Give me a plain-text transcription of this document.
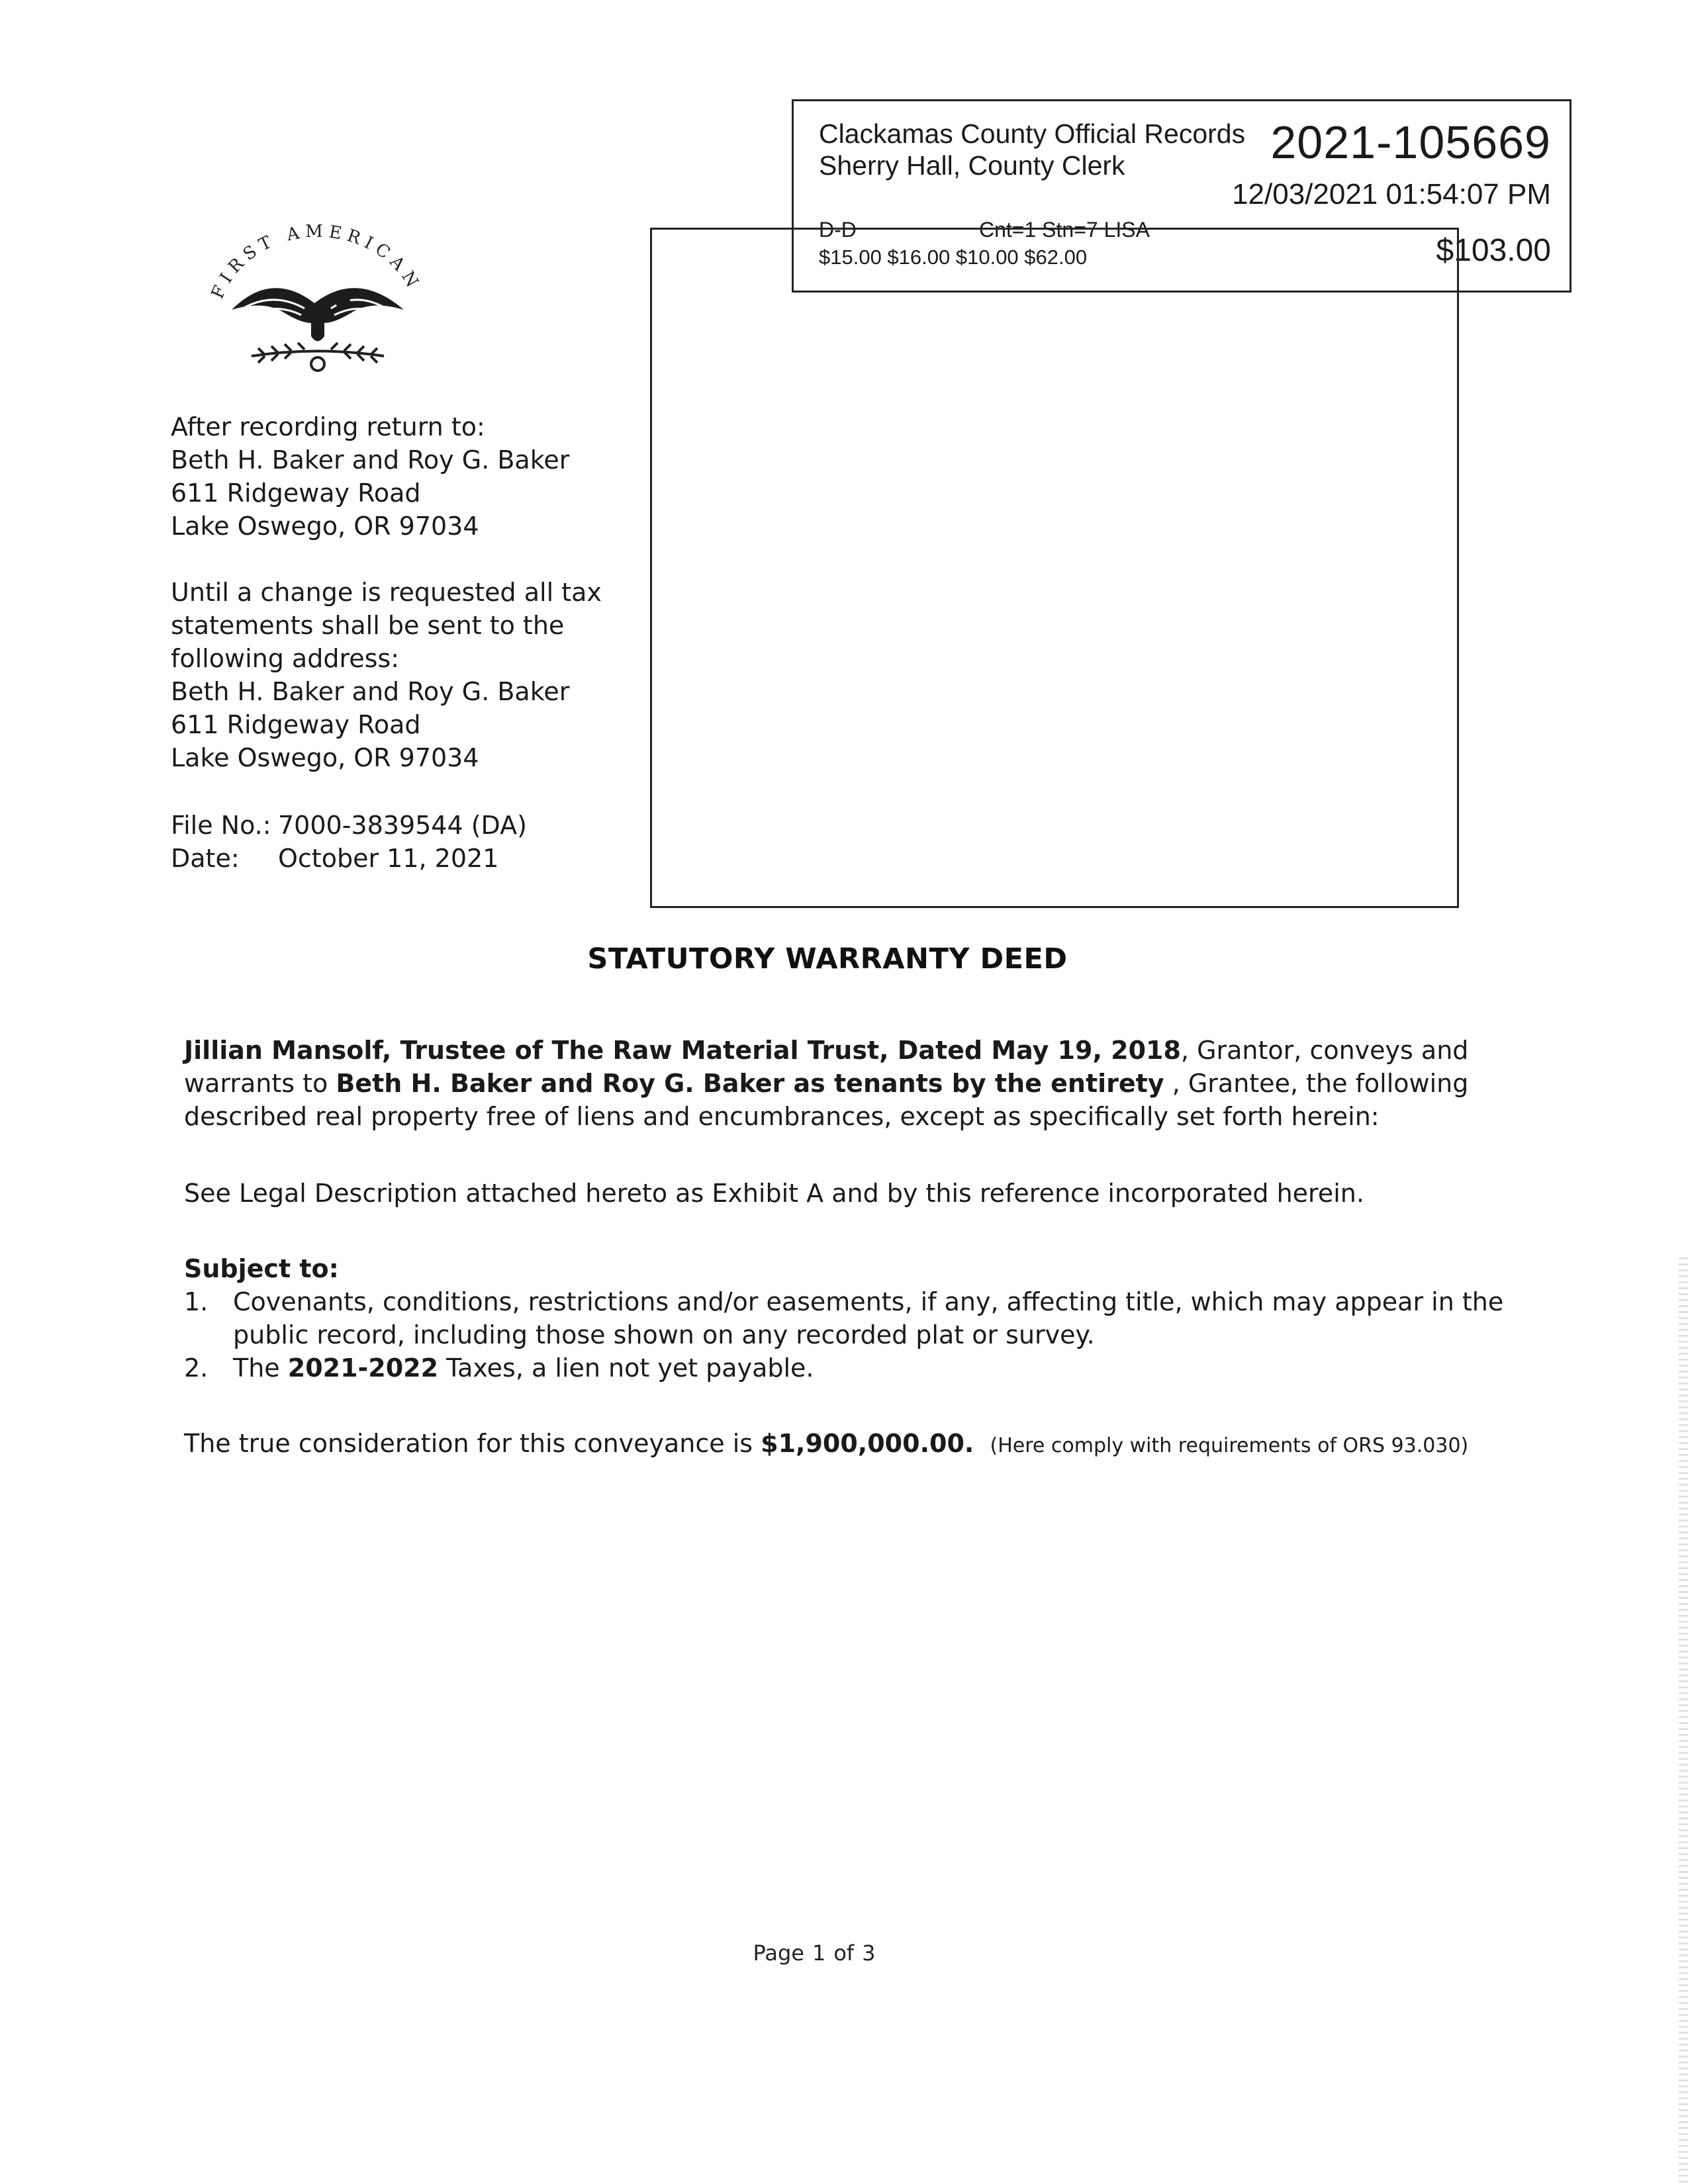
Clackamas County Official Records
Sherry Hall, County Clerk	2021-105669
12/03/2021 01:54:07 PM
D-D	Cnt=1 Stn=7 LISA
$15.00 $16.00 $10.00 $62.00	$103.00
FIRST AMERICAN
After recording return to:
Beth H. Baker and Roy G. Baker
611 Ridgeway Road
Lake Oswego, OR 97034
Until a change is requested all tax
statements shall be sent to the
following address:
Beth H. Baker and Roy G. Baker
611 Ridgeway Road
Lake Oswego, OR 97034
File No.: 7000-3839544 (DA)
Date: October 11, 2021
STATUTORY WARRANTY DEED
Jillian Mansolf, Trustee of The Raw Material Trust, Dated May 19, 2018, Grantor, conveys and
warrants to Beth H. Baker and Roy G. Baker as tenants by the entirety , Grantee, the following
described real property free of liens and encumbrances, except as specifically set forth herein:
See Legal Description attached hereto as Exhibit A and by this reference incorporated herein.
Subject to:
1. Covenants, conditions, restrictions and/or easements, if any, affecting title, which may appear in the
public record, including those shown on any recorded plat or survey.
2. The 2021-2022 Taxes, a lien not yet payable.
The true consideration for this conveyance is $1,900,000.00. (Here comply with requirements of ORS 93.030)
Page 1 of 3
